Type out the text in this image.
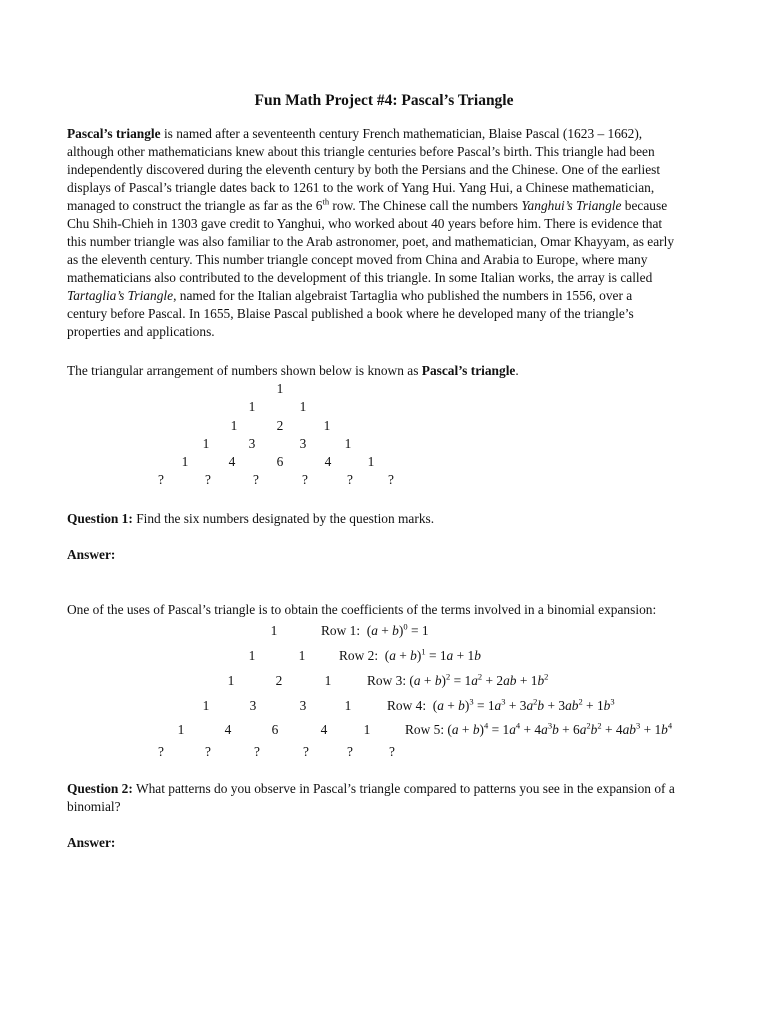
Fun Math Project #4: Pascal’s Triangle
Pascal’s triangle is named after a seventeenth century French mathematician, Blaise Pascal (1623 – 1662),
although other mathematicians knew about this triangle centuries before Pascal’s birth. This triangle had been
independently discovered during the eleventh century by both the Persians and the Chinese. One of the earliest
displays of Pascal’s triangle dates back to 1261 to the work of Yang Hui. Yang Hui, a Chinese mathematician,
managed to construct the triangle as far as the 6th row. The Chinese call the numbers Yanghui’s Triangle because
Chu Shih-Chieh in 1303 gave credit to Yanghui, who worked about 40 years before him. There is evidence that
this number triangle was also familiar to the Arab astronomer, poet, and mathematician, Omar Khayyam, as early
as the eleventh century. This number triangle concept moved from China and Arabia to Europe, where many
mathematicians also contributed to the development of this triangle. In some Italian works, the array is called
Tartaglia’s Triangle, named for the Italian algebraist Tartaglia who published the numbers in 1556, over a
century before Pascal. In 1655, Blaise Pascal published a book where he developed many of the triangle’s
properties and applications.
The triangular arrangement of numbers shown below is known as Pascal’s triangle.
1
1	1
1	2	1
1	3	3	1
1	4	6	4	1
?	?	?	?	?	?
Question 1: Find the six numbers designated by the question marks.
Answer:
One of the uses of Pascal’s triangle is to obtain the coefficients of the terms involved in a binomial expansion:
1	Row 1:  $(a + b)^0 = 1$
1	1	Row 2:  $(a + b)^1 = 1a + 1b$
1	2	1	Row 3: $(a + b)^2 = 1a^2 + 2ab + 1b^2$
1	3	3	1	Row 4:  $(a + b)^3 = 1a^3 + 3a^2b + 3ab^2 + 1b^3$
1	4	6	4	1	Row 5: $(a + b)^4 = 1a^4 + 4a^3b + 6a^2b^2 + 4ab^3 + 1b^4$
?	?	?	?	?	?
Question 2: What patterns do you observe in Pascal’s triangle compared to patterns you see in the expansion of a
binomial?
Answer:
